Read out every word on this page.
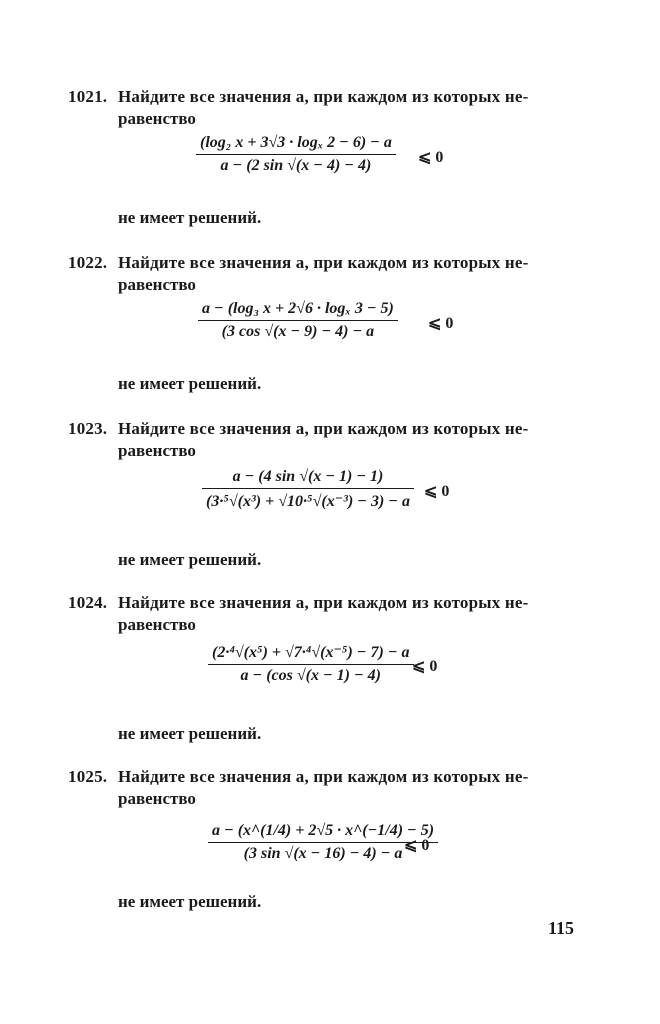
1021. Найдите все значения a, при каждом из которых не-
равенство
(log₂ x + 3√3 · logₓ 2 − 6) − a
a − (2 sin √(x − 4) − 4)	⩽ 0
не имеет решений.
1022. Найдите все значения a, при каждом из которых не-
равенство
a − (log₃ x + 2√6 · logₓ 3 − 5)
(3 cos √(x − 9) − 4) − a	⩽ 0
не имеет решений.
1023. Найдите все значения a, при каждом из которых не-
равенство
a − (4 sin √(x − 1) − 1)
(3·⁵√(x³) + √10·⁵√(x⁻³) − 3) − a
⩽ 0
не имеет решений.
1024. Найдите все значения a, при каждом из которых не-
равенство
(2·⁴√(x⁵) + √7·⁴√(x⁻⁵) − 7) − a
a − (cos √(x − 1) − 4)
⩽ 0
не имеет решений.
1025. Найдите все значения a, при каждом из которых не-
равенство
a − (x^(1/4) + 2√5 · x^(−1/4) − 5)
(3 sin √(x − 16) − 4) − a ⩽ 0
не имеет решений.
115
